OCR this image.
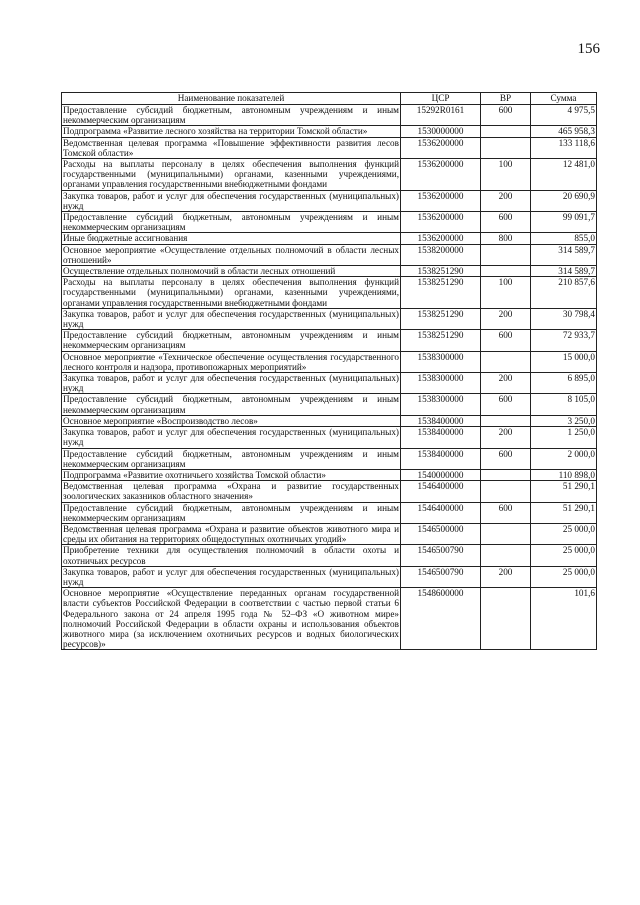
156
Наименование показателей	ЦСР	ВР	Сумма
Предоставление субсидий бюджетным, автономным учреждениям и иным некоммерческим организациям	15292R0161	600	4 975,5
Подпрограмма «Развитие лесного хозяйства на территории Томской области»	1530000000		465 958,3
Ведомственная целевая программа «Повышение эффективности развития лесов Томской области»	1536200000		133 118,6
Расходы на выплаты персоналу в целях обеспечения выполнения функций государственными (муниципальными) органами, казенными учреждениями, органами управления государственными внебюджетными фондами	1536200000	100	12 481,0
Закупка товаров, работ и услуг для обеспечения государственных (муниципальных) нужд	1536200000	200	20 690,9
Предоставление субсидий бюджетным, автономным учреждениям и иным некоммерческим организациям	1536200000	600	99 091,7
Иные бюджетные ассигнования	1536200000	800	855,0
Основное мероприятие «Осуществление отдельных полномочий в области лесных отношений»	1538200000		314 589,7
Осуществление отдельных полномочий в области лесных отношений	1538251290		314 589,7
Расходы на выплаты персоналу в целях обеспечения выполнения функций государственными (муниципальными) органами, казенными учреждениями, органами управления государственными внебюджетными фондами	1538251290	100	210 857,6
Закупка товаров, работ и услуг для обеспечения государственных (муниципальных) нужд	1538251290	200	30 798,4
Предоставление субсидий бюджетным, автономным учреждениям и иным некоммерческим организациям	1538251290	600	72 933,7
Основное мероприятие «Техническое обеспечение осуществления государственного лесного контроля и надзора, противопожарных мероприятий»	1538300000		15 000,0
Закупка товаров, работ и услуг для обеспечения государственных (муниципальных) нужд	1538300000	200	6 895,0
Предоставление субсидий бюджетным, автономным учреждениям и иным некоммерческим организациям	1538300000	600	8 105,0
Основное мероприятие «Воспроизводство лесов»	1538400000		3 250,0
Закупка товаров, работ и услуг для обеспечения государственных (муниципальных) нужд	1538400000	200	1 250,0
Предоставление субсидий бюджетным, автономным учреждениям и иным некоммерческим организациям	1538400000	600	2 000,0
Подпрограмма «Развитие охотничьего хозяйства Томской области»	1540000000		110 898,0
Ведомственная целевая программа «Охрана и развитие государственных зоологических заказников областного значения»	1546400000		51 290,1
Предоставление субсидий бюджетным, автономным учреждениям и иным некоммерческим организациям	1546400000	600	51 290,1
Ведомственная целевая программа «Охрана и развитие объектов животного мира и среды их обитания на территориях общедоступных охотничьих угодий»	1546500000		25 000,0
Приобретение техники для осуществления полномочий в области охоты и охотничьих ресурсов	1546500790		25 000,0
Закупка товаров, работ и услуг для обеспечения государственных (муниципальных) нужд	1546500790	200	25 000,0
Основное мероприятие «Осуществление переданных органам государственной власти субъектов Российской Федерации в соответствии с частью первой статьи 6 Федерального закона от 24 апреля 1995 года № 52–ФЗ «О животном мире» полномочий Российской Федерации в области охраны и использования объектов животного мира (за исключением охотничьих ресурсов и водных биологических ресурсов)»	1548600000		101,6
